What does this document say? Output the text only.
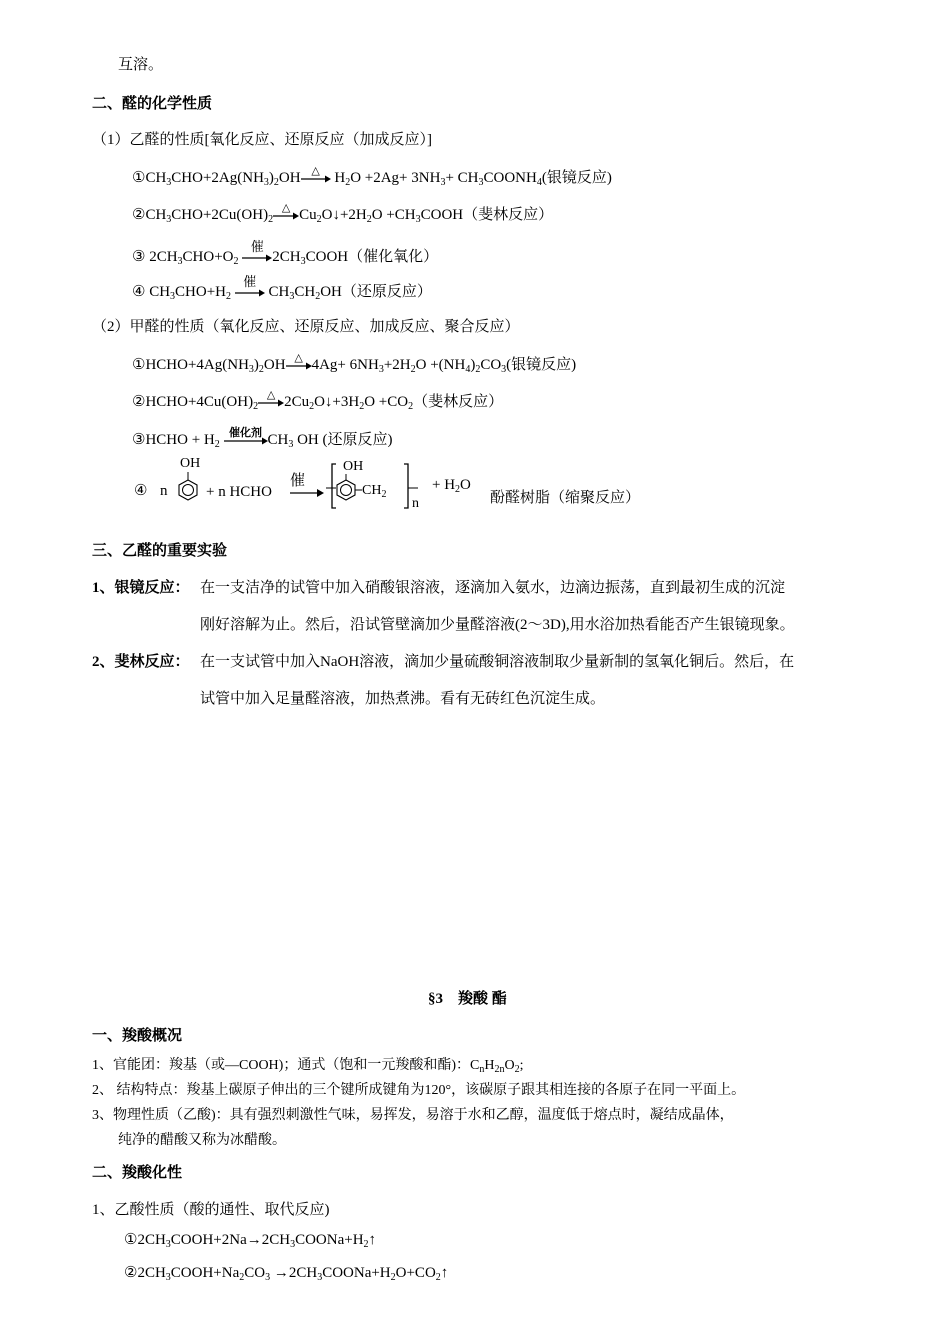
互溶。
二、醛的化学性质
（1）乙醛的性质[氧化反应、还原反应（加成反应）]
$①CH_3CHO+2Ag(NH_3)_2OH$ △ $H_2O +2Ag+ 3NH_3+$ $CH_3COONH_4$(银镜反应)
$②CH_3CHO+2Cu(OH)_2$
△ $Cu_2O↓+2H_2O$ $+CH_3COOH$（斐林反应）
③ $2CH_3CHO+O_2$
催
$2CH_3COOH$（催化氧化）
④ $CH_3CHO+H_2$
催
$CH_3CH_2OH$（还原反应）
（2）甲醛的性质（氧化反应、还原反应、加成反应、聚合反应）
$①HCHO+4Ag(NH_3)_2OH$ △ $4Ag+ 6NH_3+2H_2O +(NH_4)_2CO_3$(银镜反应)
$②HCHO+4Cu(OH)_2$
△ $2Cu_2O↓+3H_2O +CO_2$（斐林反应）
③HCHO + $H_2$
催化剂 $CH_3$ OH (还原反应)
④ n
OH
+ n HCHO
催
OH
$CH_2$
n
+ $H_2O$
酚醛树脂（缩聚反应）
三、乙醛的重要实验
1、银镜反应： 在一支洁净的试管中加入硝酸银溶液，逐滴加入氨水，边滴边振荡，直到最初生成的沉淀
刚好溶解为止。然后，沿试管壁滴加少量醛溶液(2～3D),用水浴加热看能否产生银镜现象。
2、斐林反应： 在一支试管中加入NaOH溶液，滴加少量硫酸铜溶液制取少量新制的氢氧化铜后。然后，在
试管中加入足量醛溶液，加热煮沸。看有无砖红色沉淀生成。
§3　羧酸 酯
一、羧酸概况
1、官能团：羧基（或—COOH)；通式（饱和一元羧酸和酯)：$C_nH_{2n}O_2$;
2、 结构特点：羧基上碳原子伸出的三个键所成键角为120°，该碳原子跟其相连接的各原子在同一平面上。
3、物理性质（乙酸)：具有强烈刺激性气味，易挥发，易溶于水和乙醇，温度低于熔点时，凝结成晶体，
纯净的醋酸又称为冰醋酸。
二、羧酸化性
1、乙酸性质（酸的通性、取代反应)
$①2CH_3COOH+2Na\to 2CH_3COONa+H_2↑$
$②2CH_3COOH+Na_2CO_3$ $\to 2CH_3COONa+H_2O+CO_2↑$
